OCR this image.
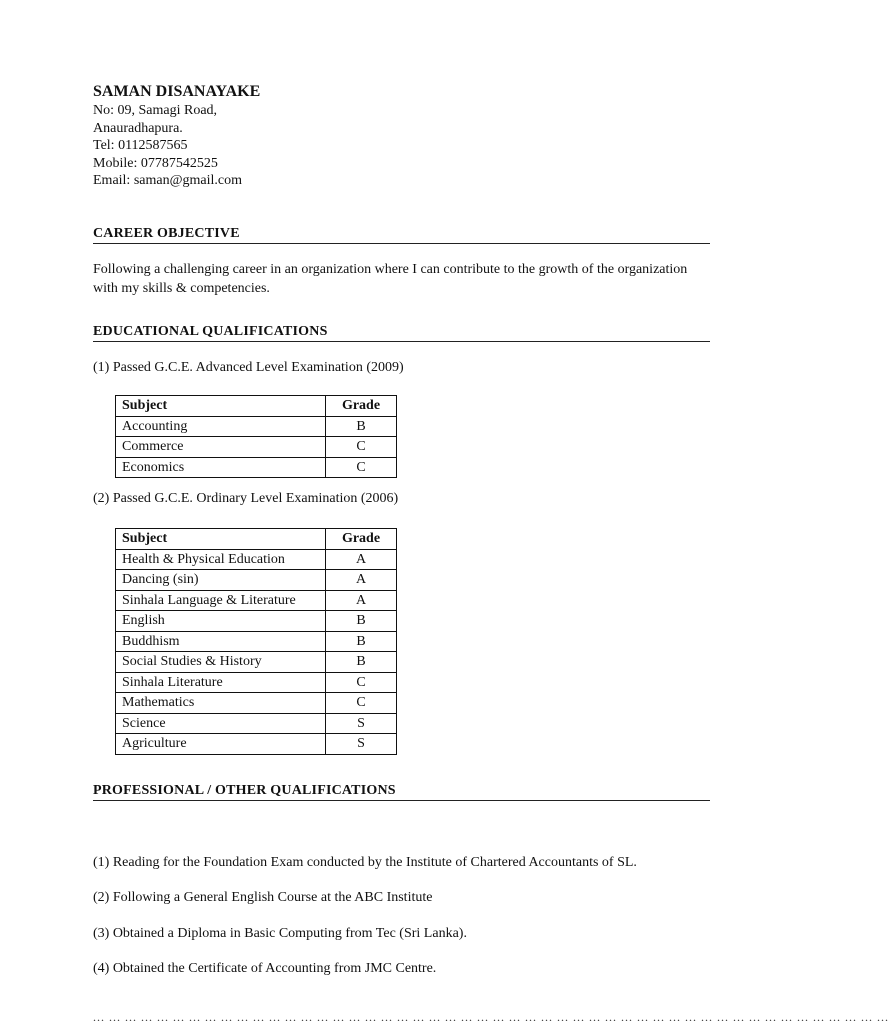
SAMAN DISANAYAKE
No: 09, Samagi Road,
Anauradhapura.
Tel: 0112587565
Mobile: 07787542525
Email: saman@gmail.com
CAREER OBJECTIVE
Following a challenging career in an organization where I can contribute to the growth of the organization with my skills & competencies.
EDUCATIONAL QUALIFICATIONS
(1) Passed G.C.E. Advanced Level Examination (2009)
Subject	Grade
Accounting	B
Commerce	C
Economics	C
(2) Passed G.C.E. Ordinary Level Examination (2006)
Subject	Grade
Health & Physical Education	A
Dancing (sin)	A
Sinhala Language & Literature	A
English	B
Buddhism	B
Social Studies & History	B
Sinhala Literature	C
Mathematics	C
Science	S
Agriculture	S
PROFESSIONAL / OTHER QUALIFICATIONS
(1) Reading for the Foundation Exam conducted by the Institute of Chartered Accountants of SL.
(2) Following a General English Course at the ABC Institute
(3) Obtained a Diploma in Basic Computing from Tec (Sri Lanka).
(4) Obtained the Certificate of Accounting from JMC Centre.
... ... ... ... ... ... ... ... ... ... ... ... ... ... ... ... ... ... ... ... ... ... ... ... ... ... ... ... ... ... ... ... ... ... ... ... ... ... ... ... ... ... ... ... ... ... ... ... ... ...
